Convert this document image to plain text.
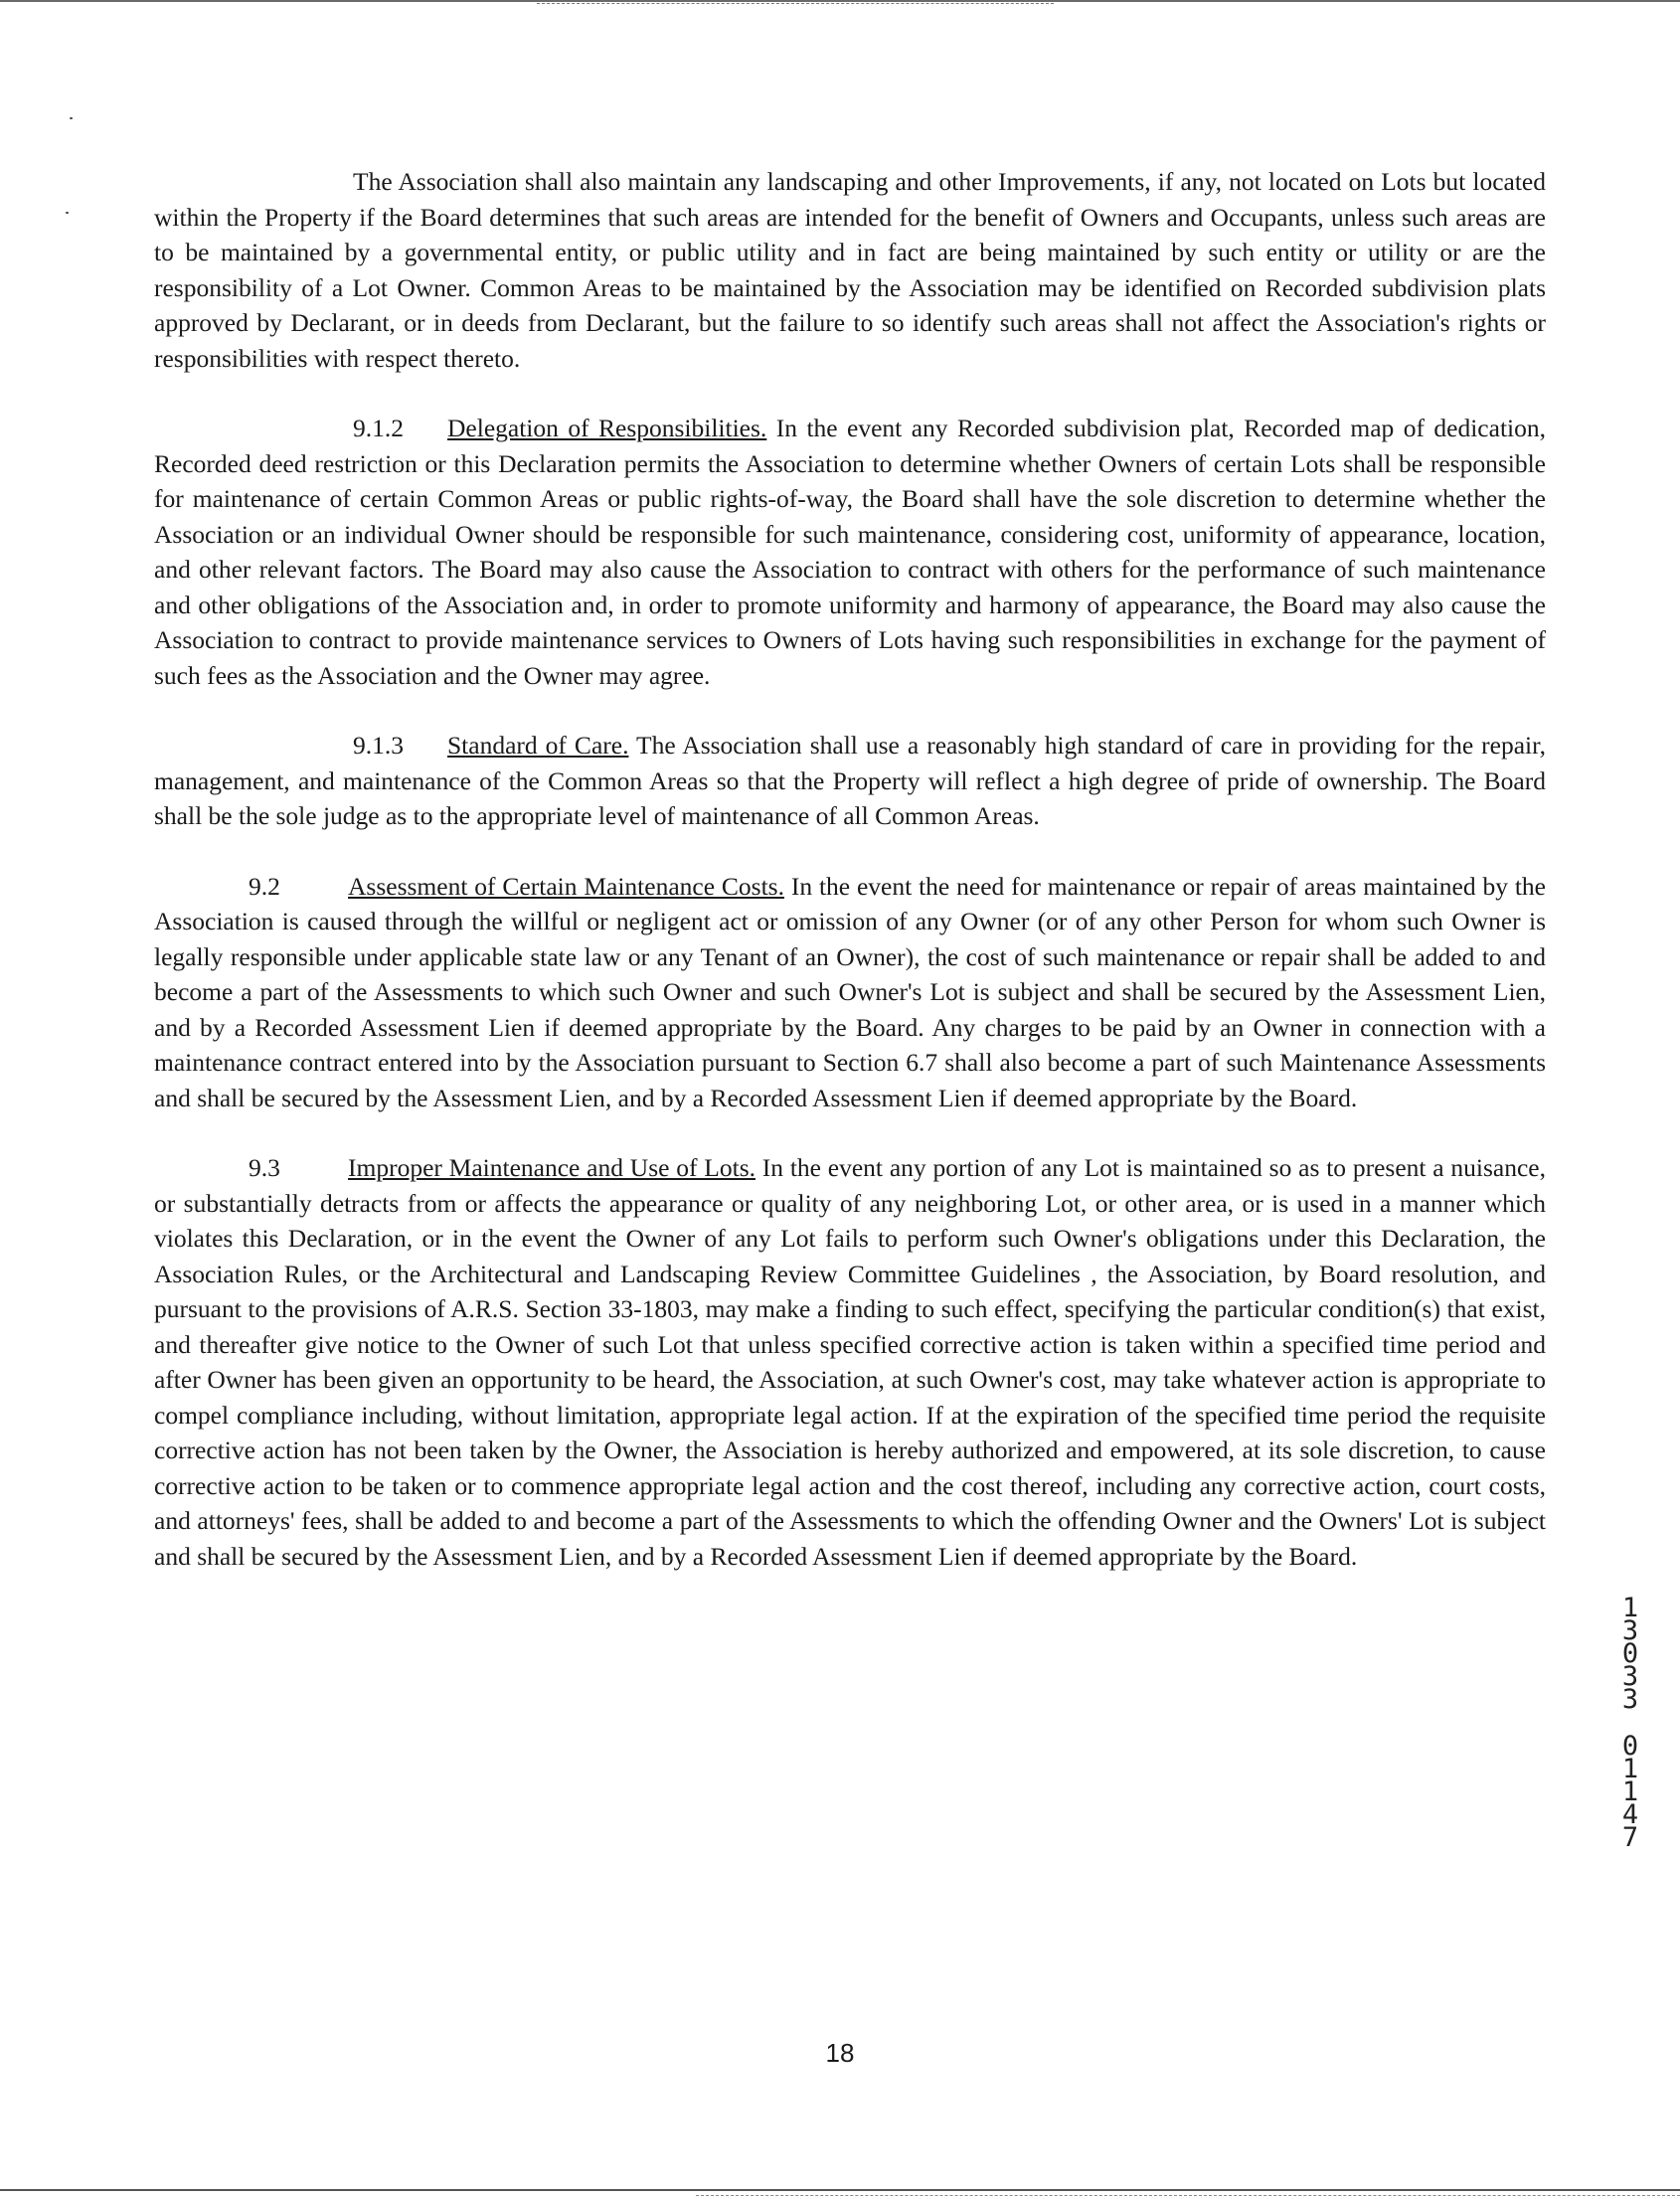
The Association shall also maintain any landscaping and other Improvements, if any, not located on Lots but located within the Property if the Board determines that such areas are intended for the benefit of Owners and Occupants, unless such areas are to be maintained by a governmental entity, or public utility and in fact are being maintained by such entity or utility or are the responsibility of a Lot Owner. Common Areas to be maintained by the Association may be identified on Recorded subdivision plats approved by Declarant, or in deeds from Declarant, but the failure to so identify such areas shall not affect the Association's rights or responsibilities with respect thereto.

9.1.2 Delegation of Responsibilities. In the event any Recorded subdivision plat, Recorded map of dedication, Recorded deed restriction or this Declaration permits the Association to determine whether Owners of certain Lots shall be responsible for maintenance of certain Common Areas or public rights-of-way, the Board shall have the sole discretion to determine whether the Association or an individual Owner should be responsible for such maintenance, considering cost, uniformity of appearance, location, and other relevant factors. The Board may also cause the Association to contract with others for the performance of such maintenance and other obligations of the Association and, in order to promote uniformity and harmony of appearance, the Board may also cause the Association to contract to provide maintenance services to Owners of Lots having such responsibilities in exchange for the payment of such fees as the Association and the Owner may agree.

9.1.3 Standard of Care. The Association shall use a reasonably high standard of care in providing for the repair, management, and maintenance of the Common Areas so that the Property will reflect a high degree of pride of ownership. The Board shall be the sole judge as to the appropriate level of maintenance of all Common Areas.

9.2	Assessment of Certain Maintenance Costs. In the event the need for maintenance or repair of areas maintained by the Association is caused through the willful or negligent act or omission of any Owner (or of any other Person for whom such Owner is legally responsible under applicable state law or any Tenant of an Owner), the cost of such maintenance or repair shall be added to and become a part of the Assessments to which such Owner and such Owner's Lot is subject and shall be secured by the Assessment Lien, and by a Recorded Assessment Lien if deemed appropriate by the Board. Any charges to be paid by an Owner in connection with a maintenance contract entered into by the Association pursuant to Section 6.7 shall also become a part of such Maintenance Assessments and shall be secured by the Assessment Lien, and by a Recorded Assessment Lien if deemed appropriate by the Board.

9.3	Improper Maintenance and Use of Lots. In the event any portion of any Lot is maintained so as to present a nuisance, or substantially detracts from or affects the appearance or quality of any neighboring Lot, or other area, or is used in a manner which violates this Declaration, or in the event the Owner of any Lot fails to perform such Owner's obligations under this Declaration, the Association Rules, or the Architectural and Landscaping Review Committee Guidelines , the Association, by Board resolution, and pursuant to the provisions of A.R.S. Section 33-1803, may make a finding to such effect, specifying the particular condition(s) that exist, and thereafter give notice to the Owner of such Lot that unless specified corrective action is taken within a specified time period and after Owner has been given an opportunity to be heard, the Association, at such Owner's cost, may take whatever action is appropriate to compel compliance including, without limitation, appropriate legal action. If at the expiration of the specified time period the requisite corrective action has not been taken by the Owner, the Association is hereby authorized and empowered, at its sole discretion, to cause corrective action to be taken or to commence appropriate legal action and the cost thereof, including any corrective action, court costs, and attorneys' fees, shall be added to and become a part of the Assessments to which the offending Owner and the Owners' Lot is subject and shall be secured by the Assessment Lien, and by a Recorded Assessment Lien if deemed appropriate by the Board.

1
3
0
3
3
0
1
1
4
7
18
